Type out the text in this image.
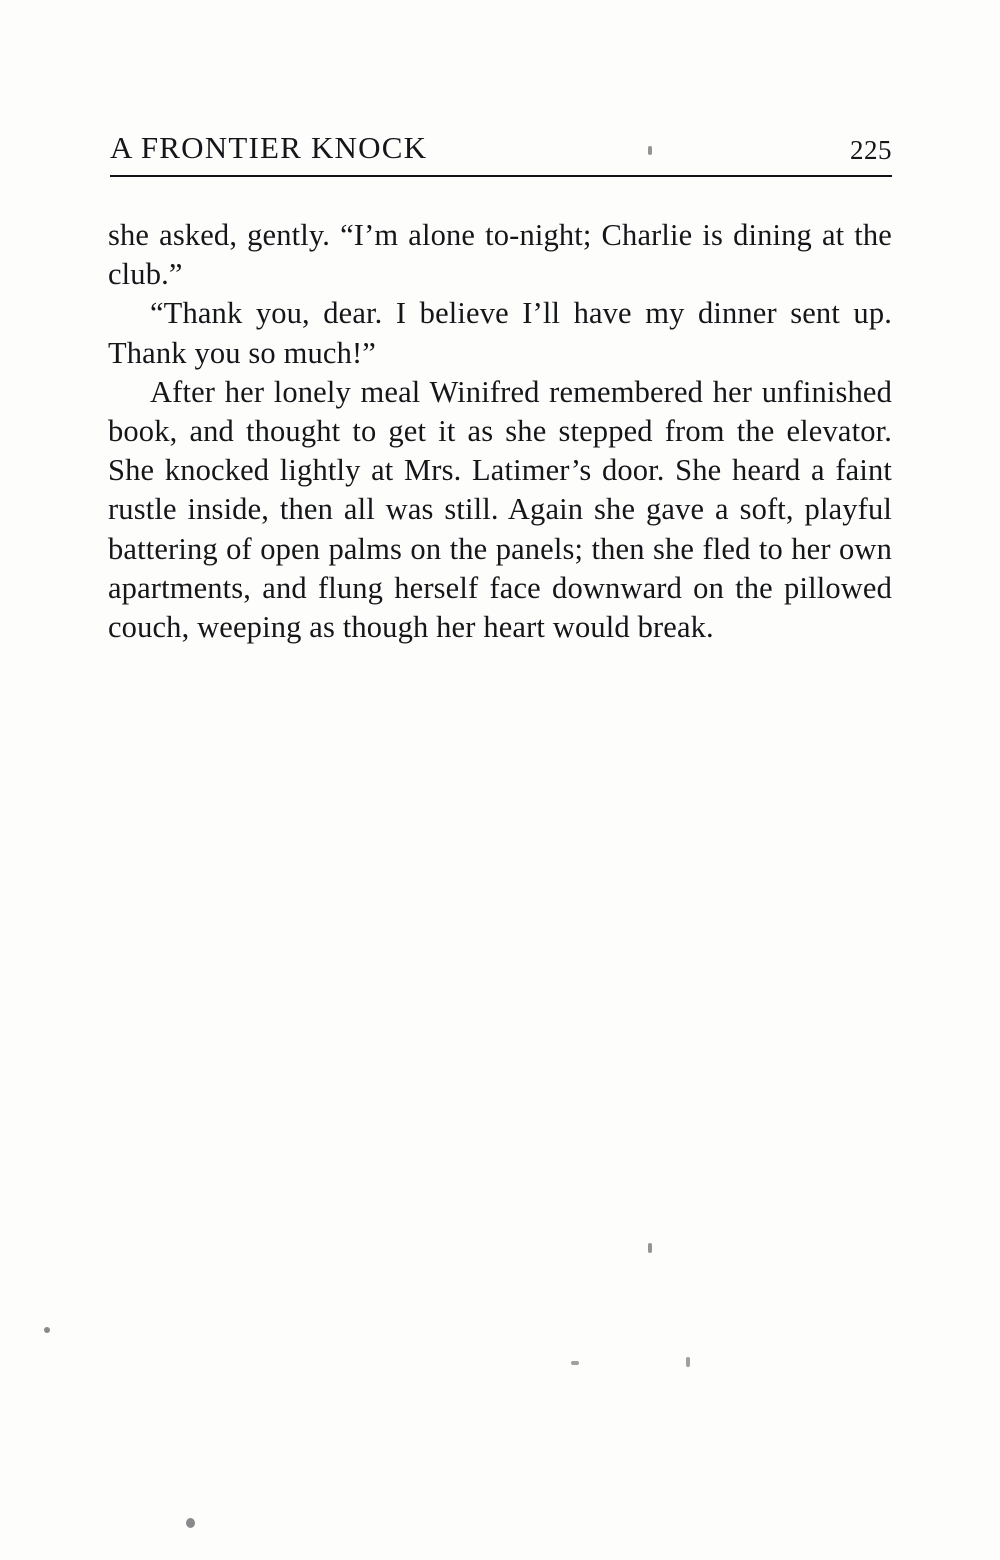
A FRONTIER KNOCK	225

she asked, gently. “I’m alone to-night; Charlie is dining at the club.”

“Thank you, dear. I believe I’ll have my dinner sent up. Thank you so much!”

After her lonely meal Winifred remembered her unfinished book, and thought to get it as she stepped from the elevator. She knocked lightly at Mrs. Latimer’s door. She heard a faint rustle inside, then all was still. Again she gave a soft, playful battering of open palms on the panels; then she fled to her own apartments, and flung herself face downward on the pillowed couch, weeping as though her heart would break.
